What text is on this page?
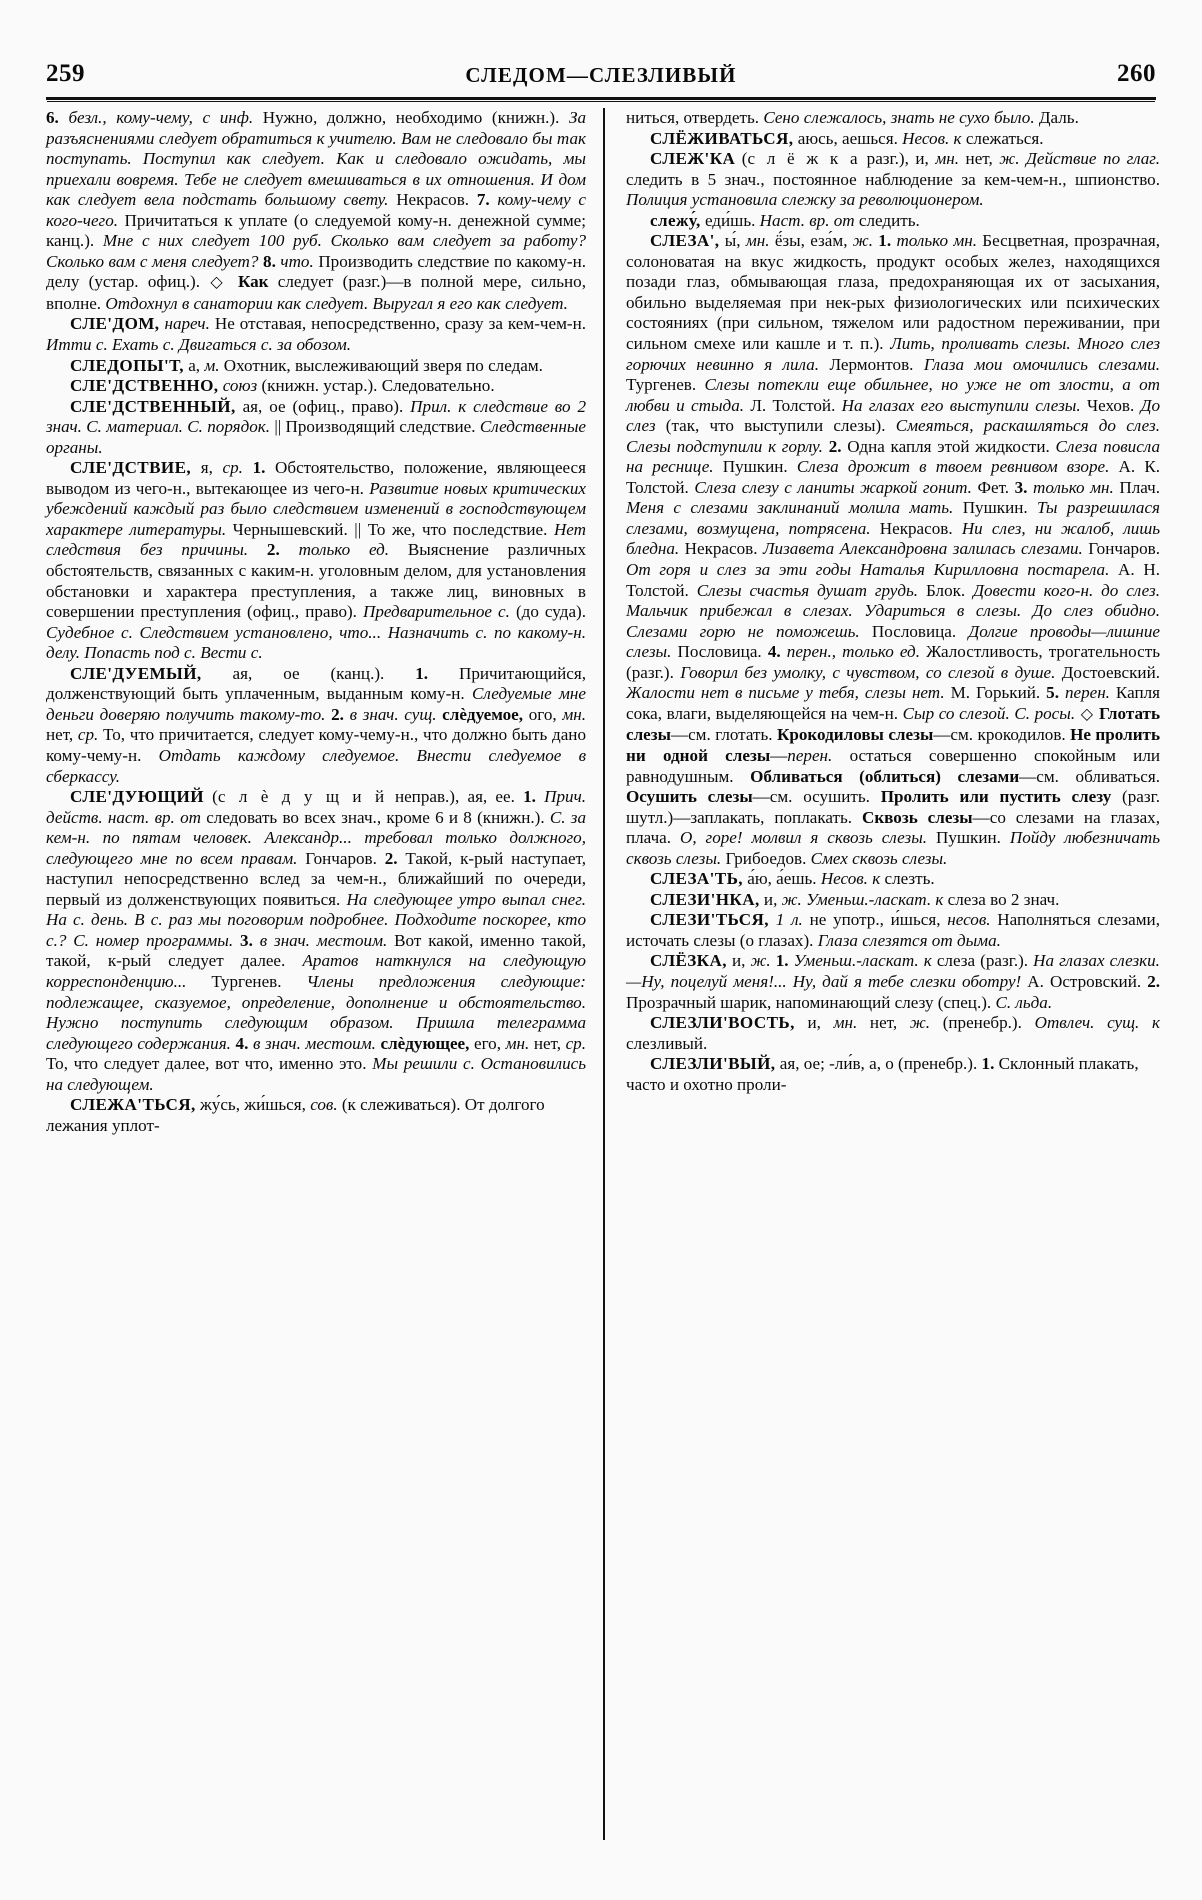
259	СЛЕДОМ—СЛЕЗЛИВЫЙ	260

6. безл., кому-чему, с инф. Нужно, должно, необходимо (книжн.). За разъяснениями следует обратиться к учителю. Вам не следовало бы так поступать. Поступил как следует. Как и следовало ожидать, мы приехали вовремя. Тебе не следует вмешиваться в их отношения. И дом как следует вела подстать большому свету. Некрасов. 7. кому-чему с кого-чего. Причитаться к уплате (о следуемой кому-н. денежной сумме; канц.). Мне с них следует 100 руб. Сколько вам следует за работу? Сколько вам с меня следует? 8. что. Производить следствие по какому-н. делу (устар. офиц.). ◇ Как следует (разг.)—в полной мере, сильно, вполне. Отдохнул в санатории как следует. Выругал я его как следует.

СЛЕ'ДОМ, нареч. Не отставая, непосредственно, сразу за кем-чем-н. Итти с. Ехать с. Двигаться с. за обозом.

СЛЕДОПЫ'Т, а, м. Охотник, выслеживающий зверя по следам.

СЛЕ'ДСТВЕННО, союз (книжн. устар.). Следовательно.

СЛЕ'ДСТВЕННЫЙ, ая, ое (офиц., право). Прил. к следствие во 2 знач. С. материал. С. порядок. || Производящий следствие. Следственные органы.

СЛЕ'ДСТВИЕ, я, ср. 1. Обстоятельство, положение, являющееся выводом из чего-н., вытекающее из чего-н. Развитие новых критических убеждений каждый раз было следствием изменений в господствующем характере литературы. Чернышевский. || То же, что последствие. Нет следствия без причины. 2. только ед. Выяснение различных обстоятельств, связанных с каким-н. уголовным делом, для установления обстановки и характера преступления, а также лиц, виновных в совершении преступления (офиц., право). Предварительное с. (до суда). Судебное с. Следствием установлено, что... Назначить с. по какому-н. делу. Попасть под с. Вести с.

СЛЕ'ДУЕМЫЙ, ая, ое (канц.). 1. Причитающийся, долженствующий быть уплаченным, выданным кому-н. Следуемые мне деньги доверяю получить такому-то. 2. в знач. сущ. слѐдуемое, ого, мн. нет, ср. То, что причитается, следует кому-чему-н., что должно быть дано кому-чему-н. Отдать каждому следуемое. Внести следуемое в сберкассу.

СЛЕ'ДУЮЩИЙ (с л ѐ д у щ и й неправ.), ая, ее. 1. Прич. действ. наст. вр. от следовать во всех знач., кроме 6 и 8 (книжн.). С. за кем-н. по пятам человек. Александр... требовал только должного, следующего мне по всем правам. Гончаров. 2. Такой, к-рый наступает, наступил непосредственно вслед за чем-н., ближайший по очереди, первый из долженствующих появиться. На следующее утро выпал снег. На с. день. В с. раз мы поговорим подробнее. Подходите поскорее, кто с.? С. номер программы. 3. в знач. местоим. Вот какой, именно такой, такой, к-рый следует далее. Аратов наткнулся на следующую корреспонденцию... Тургенев. Члены предложения следующие: подлежащее, сказуемое, определение, дополнение и обстоятельство. Нужно поступить следующим образом. Пришла телеграмма следующего содержания. 4. в знач. местоим. слѐдующее, его, мн. нет, ср. То, что следует далее, вот что, именно это. Мы решили с. Остановились на следующем.

СЛЕЖА'ТЬСЯ, жу́сь, жи́шься, сов. (к слеживаться). От долгого лежания уплот-

ниться, отвердеть. Сено слежалось, знать не сухо было. Даль.

СЛЁЖИВАТЬСЯ, аюсь, аешься. Несов. к слежаться.

СЛЕЖ'КА (с л ё ж к а разг.), и, мн. нет, ж. Действие по глаг. следить в 5 знач., постоянное наблюдение за кем-чем-н., шпионство. Полиция установила слежку за революционером.

слежу́, еди́шь. Наст. вр. от следить.

СЛЕЗА', ы́, мн. ё́зы, еза́м, ж. 1. только мн. Бесцветная, прозрачная, солоноватая на вкус жидкость, продукт особых желез, находящихся позади глаз, обмывающая глаза, предохраняющая их от засыхания, обильно выделяемая при нек-рых физиологических или психических состояниях (при сильном, тяжелом или радостном переживании, при сильном смехе или кашле и т. п.). Лить, проливать слезы. Много слез горючих невинно я лила. Лермонтов. Глаза мои омочились слезами. Тургенев. Слезы потекли еще обильнее, но уже не от злости, а от любви и стыда. Л. Толстой. На глазах его выступили слезы. Чехов. До слез (так, что выступили слезы). Смеяться, раскашляться до слез. Слезы подступили к горлу. 2. Одна капля этой жидкости. Слеза повисла на реснице. Пушкин. Слеза дрожит в твоем ревнивом взоре. А. К. Толстой. Слеза слезу с ланиты жаркой гонит. Фет. 3. только мн. Плач. Меня с слезами заклинаний молила мать. Пушкин. Ты разрешилася слезами, возмущена, потрясена. Некрасов. Ни слез, ни жалоб, лишь бледна. Некрасов. Лизавета Александровна залилась слезами. Гончаров. От горя и слез за эти годы Наталья Кирилловна постарела. А. Н. Толстой. Слезы счастья душат грудь. Блок. Довести кого-н. до слез. Мальчик прибежал в слезах. Удариться в слезы. До слез обидно. Слезами горю не поможешь. Пословица. Долгие проводы—лишние слезы. Пословица. 4. перен., только ед. Жалостливость, трогательность (разг.). Говорил без умолку, с чувством, со слезой в душе. Достоевский. Жалости нет в письме у тебя, слезы нет. М. Горький. 5. перен. Капля сока, влаги, выделяющейся на чем-н. Сыр со слезой. С. росы. ◇ Глотать слезы—см. глотать. Крокодиловы слезы—см. крокодилов. Не пролить ни одной слезы—перен. остаться совершенно спокойным или равнодушным. Обливаться (облиться) слезами—см. обливаться. Осушить слезы—см. осушить. Пролить или пустить слезу (разг. шутл.)—заплакать, поплакать. Сквозь слезы—со слезами на глазах, плача. О, горе! молвил я сквозь слезы. Пушкин. Пойду любезничать сквозь слезы. Грибоедов. Смех сквозь слезы.

СЛЕЗА'ТЬ, а́ю, а́ешь. Несов. к слезть.

СЛЕЗИ'НКА, и, ж. Уменьш.-ласкат. к слеза во 2 знач.

СЛЕЗИ'ТЬСЯ, 1 л. не употр., и́шься, несов. Наполняться слезами, источать слезы (о глазах). Глаза слезятся от дыма.

СЛЁЗКА, и, ж. 1. Уменьш.-ласкат. к слеза (разг.). На глазах слезки.—Ну, поцелуй меня!... Ну, дай я тебе слезки оботру! А. Островский. 2. Прозрачный шарик, напоминающий слезу (спец.). С. льда.

СЛЕЗЛИ'ВОСТЬ, и, мн. нет, ж. (пренебр.). Отвлеч. сущ. к слезливый.

СЛЕЗЛИ'ВЫЙ, ая, ое; -ли́в, а, о (пренебр.). 1. Склонный плакать, часто и охотно проли-
